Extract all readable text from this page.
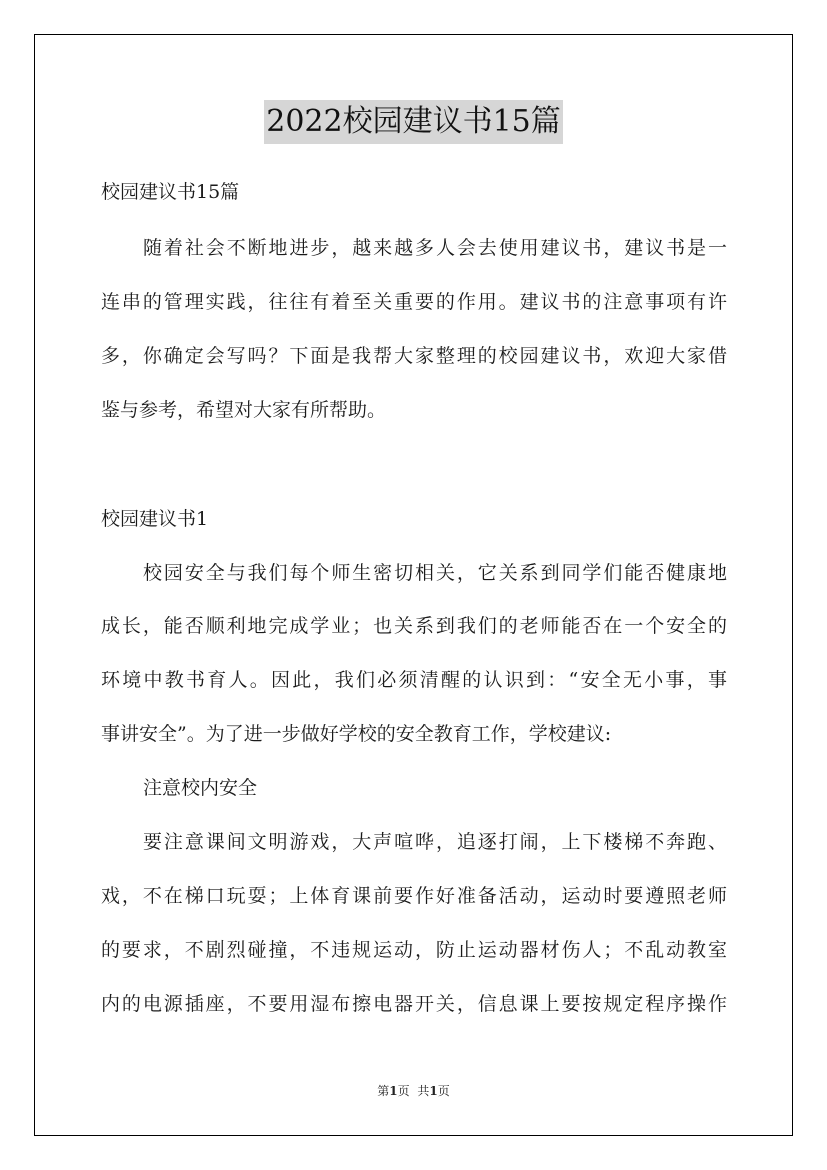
2022校园建议书15篇
校园建议书15篇
随着社会不断地进步，越来越多人会去使用建议书，建议书是一
连串的管理实践，往往有着至关重要的作用。建议书的注意事项有许
多，你确定会写吗？下面是我帮大家整理的校园建议书，欢迎大家借
鉴与参考，希望对大家有所帮助。
校园建议书1
校园安全与我们每个师生密切相关，它关系到同学们能否健康地
成长，能否顺利地完成学业；也关系到我们的老师能否在一个安全的
环境中教书育人。因此，我们必须清醒的认识到：“安全无小事，事
事讲安全”。为了进一步做好学校的安全教育工作，学校建议:
注意校内安全
要注意课间文明游戏，大声喧哗，追逐打闹，上下楼梯不奔跑、
戏，不在梯口玩耍；上体育课前要作好准备活动，运动时要遵照老师
的要求，不剧烈碰撞，不违规运动，防止运动器材伤人；不乱动教室
内的电源插座，不要用湿布擦电器开关，信息课上要按规定程序操作
第1页 共1页
